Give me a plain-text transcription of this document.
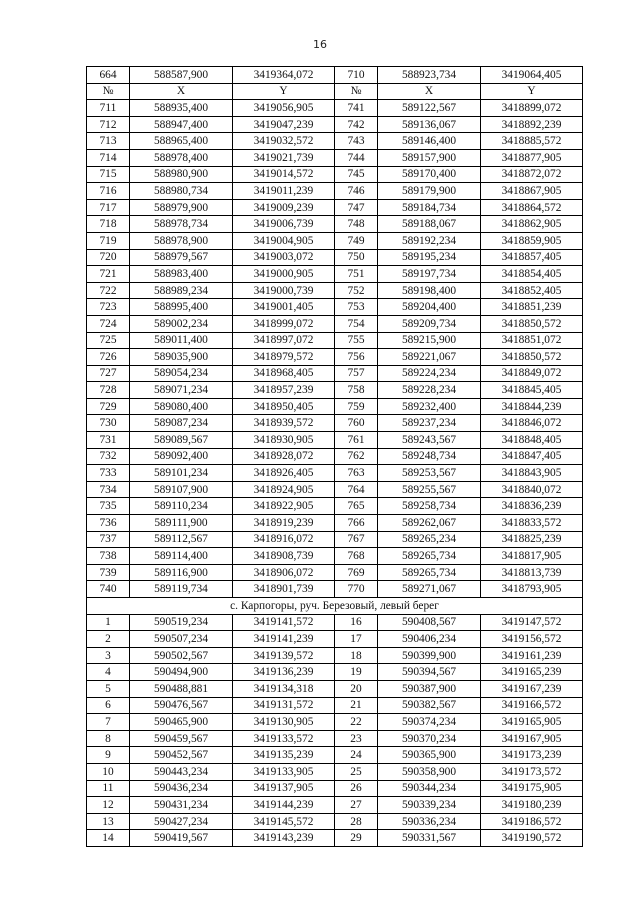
16
664	588587,900	3419364,072	710	588923,734	3419064,405
№	X	Y	№	X	Y
711	588935,400	3419056,905	741	589122,567	3418899,072
712	588947,400	3419047,239	742	589136,067	3418892,239
713	588965,400	3419032,572	743	589146,400	3418885,572
714	588978,400	3419021,739	744	589157,900	3418877,905
715	588980,900	3419014,572	745	589170,400	3418872,072
716	588980,734	3419011,239	746	589179,900	3418867,905
717	588979,900	3419009,239	747	589184,734	3418864,572
718	588978,734	3419006,739	748	589188,067	3418862,905
719	588978,900	3419004,905	749	589192,234	3418859,905
720	588979,567	3419003,072	750	589195,234	3418857,405
721	588983,400	3419000,905	751	589197,734	3418854,405
722	588989,234	3419000,739	752	589198,400	3418852,405
723	588995,400	3419001,405	753	589204,400	3418851,239
724	589002,234	3418999,072	754	589209,734	3418850,572
725	589011,400	3418997,072	755	589215,900	3418851,072
726	589035,900	3418979,572	756	589221,067	3418850,572
727	589054,234	3418968,405	757	589224,234	3418849,072
728	589071,234	3418957,239	758	589228,234	3418845,405
729	589080,400	3418950,405	759	589232,400	3418844,239
730	589087,234	3418939,572	760	589237,234	3418846,072
731	589089,567	3418930,905	761	589243,567	3418848,405
732	589092,400	3418928,072	762	589248,734	3418847,405
733	589101,234	3418926,405	763	589253,567	3418843,905
734	589107,900	3418924,905	764	589255,567	3418840,072
735	589110,234	3418922,905	765	589258,734	3418836,239
736	589111,900	3418919,239	766	589262,067	3418833,572
737	589112,567	3418916,072	767	589265,234	3418825,239
738	589114,400	3418908,739	768	589265,734	3418817,905
739	589116,900	3418906,072	769	589265,734	3418813,739
740	589119,734	3418901,739	770	589271,067	3418793,905
с. Карпогоры, руч. Березовый, левый берег					
1	590519,234	3419141,572	16	590408,567	3419147,572
2	590507,234	3419141,239	17	590406,234	3419156,572
3	590502,567	3419139,572	18	590399,900	3419161,239
4	590494,900	3419136,239	19	590394,567	3419165,239
5	590488,881	3419134,318	20	590387,900	3419167,239
6	590476,567	3419131,572	21	590382,567	3419166,572
7	590465,900	3419130,905	22	590374,234	3419165,905
8	590459,567	3419133,572	23	590370,234	3419167,905
9	590452,567	3419135,239	24	590365,900	3419173,239
10	590443,234	3419133,905	25	590358,900	3419173,572
11	590436,234	3419137,905	26	590344,234	3419175,905
12	590431,234	3419144,239	27	590339,234	3419180,239
13	590427,234	3419145,572	28	590336,234	3419186,572
14	590419,567	3419143,239	29	590331,567	3419190,572
